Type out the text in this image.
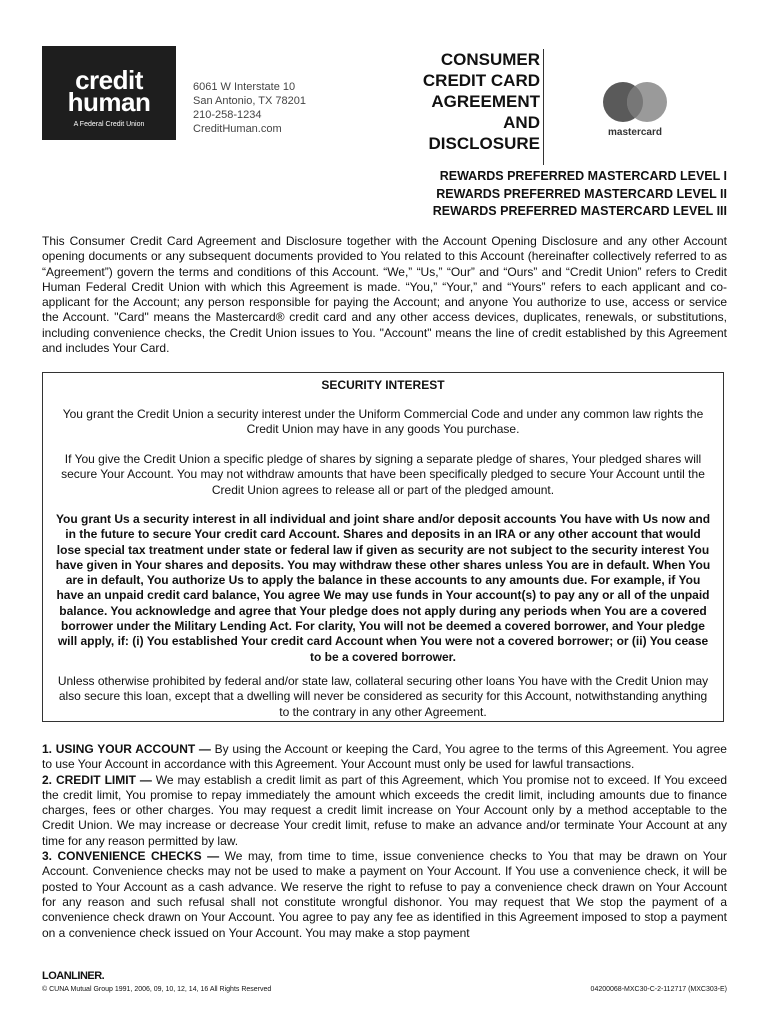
credit
human
A Federal Credit Union
6061 W Interstate 10
San Antonio, TX 78201
210-258-1234
CreditHuman.com
CONSUMER
CREDIT CARD
AGREEMENT
AND
DISCLOSURE
mastercard
REWARDS PREFERRED MASTERCARD LEVEL I
REWARDS PREFERRED MASTERCARD LEVEL II
REWARDS PREFERRED MASTERCARD LEVEL III
This Consumer Credit Card Agreement and Disclosure together with the Account Opening Disclosure and any other Account opening documents or any subsequent documents provided to You related to this Account (hereinafter collectively referred to as “Agreement”) govern the terms and conditions of this Account. “We,” “Us,” “Our” and “Ours” and “Credit Union” refers to Credit Human Federal Credit Union with which this Agreement is made. “You,” “Your,” and “Yours” refers to each applicant and co-applicant for the Account; any person responsible for paying the Account; and anyone You authorize to use, access or service the Account. "Card" means the Mastercard® credit card and any other access devices, duplicates, renewals, or substitutions, including convenience checks, the Credit Union issues to You. "Account" means the line of credit established by this Agreement and includes Your Card.
SECURITY INTEREST
You grant the Credit Union a security interest under the Uniform Commercial Code and under any common law rights the Credit Union may have in any goods You purchase.
If You give the Credit Union a specific pledge of shares by signing a separate pledge of shares, Your pledged shares will secure Your Account. You may not withdraw amounts that have been specifically pledged to secure Your Account until the Credit Union agrees to release all or part of the pledged amount.
You grant Us a security interest in all individual and joint share and/or deposit accounts You have with Us now and in the future to secure Your credit card Account. Shares and deposits in an IRA or any other account that would lose special tax treatment under state or federal law if given as security are not subject to the security interest You have given in Your shares and deposits. You may withdraw these other shares unless You are in default. When You are in default, You authorize Us to apply the balance in these accounts to any amounts due. For example, if You have an unpaid credit card balance, You agree We may use funds in Your account(s) to pay any or all of the unpaid balance. You acknowledge and agree that Your pledge does not apply during any periods when You are a covered borrower under the Military Lending Act. For clarity, You will not be deemed a covered borrower, and Your pledge will apply, if: (i) You established Your credit card Account when You were not a covered borrower; or (ii) You cease to be a covered borrower.
Unless otherwise prohibited by federal and/or state law, collateral securing other loans You have with the Credit Union may also secure this loan, except that a dwelling will never be considered as security for this Account, notwithstanding anything to the contrary in any other Agreement.

1. USING YOUR ACCOUNT — By using the Account or keeping the Card, You agree to the terms of this Agreement. You agree to use Your Account in accordance with this Agreement. Your Account must only be used for lawful transactions.

2. CREDIT LIMIT — We may establish a credit limit as part of this Agreement, which You promise not to exceed. If You exceed the credit limit, You promise to repay immediately the amount which exceeds the credit limit, including amounts due to finance charges, fees or other charges. You may request a credit limit increase on Your Account only by a method acceptable to the Credit Union. We may increase or decrease Your credit limit, refuse to make an advance and/or terminate Your Account at any time for any reason permitted by law.

3. CONVENIENCE CHECKS — We may, from time to time, issue convenience checks to You that may be drawn on Your Account. Convenience checks may not be used to make a payment on Your Account. If You use a convenience check, it will be posted to Your Account as a cash advance. We reserve the right to refuse to pay a convenience check drawn on Your Account for any reason and such refusal shall not constitute wrongful dishonor. You may request that We stop the payment of a convenience check drawn on Your Account. You agree to pay any fee as identified in this Agreement imposed to stop a payment on a convenience check issued on Your Account. You may make a stop payment

LOANLINER.
© CUNA Mutual Group 1991, 2006, 09, 10, 12, 14, 16 All Rights Reserved	04200068-MXC30-C-2-112717 (MXC303-E)
